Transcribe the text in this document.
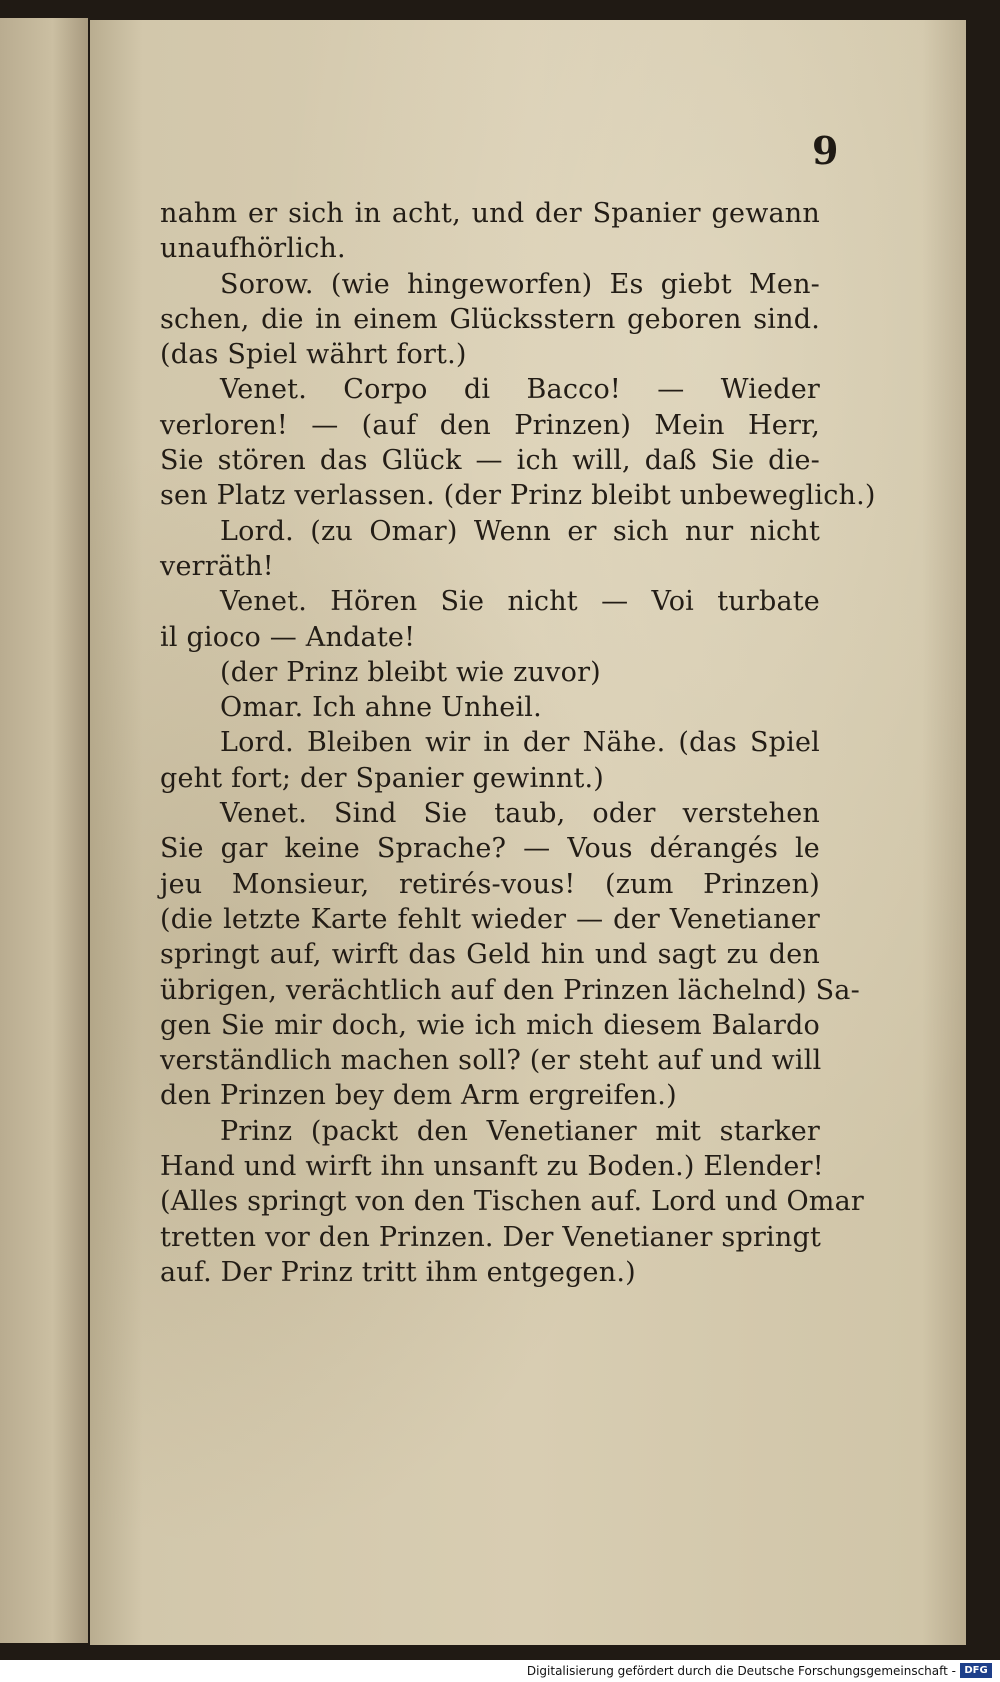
9
nahm er sich in acht, und der Spanier gewann
unaufhörlich.
Sorow. (wie hingeworfen) Es giebt Men-
schen, die in einem Glücksstern geboren sind.
(das Spiel währt fort.)
Venet. Corpo di Bacco! — Wieder
verloren! — (auf den Prinzen) Mein Herr,
Sie stören das Glück — ich will, daß Sie die-
sen Platz verlassen. (der Prinz bleibt unbeweglich.)
Lord. (zu Omar) Wenn er sich nur nicht
verräth!
Venet. Hören Sie nicht — Voi turbate
il gioco — Andate!
(der Prinz bleibt wie zuvor)
Omar. Ich ahne Unheil.
Lord. Bleiben wir in der Nähe. (das Spiel
geht fort; der Spanier gewinnt.)
Venet. Sind Sie taub, oder verstehen
Sie gar keine Sprache? — Vous dérangés le
jeu Monsieur, retirés-vous! (zum Prinzen)
(die letzte Karte fehlt wieder — der Venetianer
springt auf, wirft das Geld hin und sagt zu den
übrigen, verächtlich auf den Prinzen lächelnd) Sa-
gen Sie mir doch, wie ich mich diesem Balardo
verständlich machen soll? (er steht auf und will
den Prinzen bey dem Arm ergreifen.)
Prinz (packt den Venetianer mit starker
Hand und wirft ihn unsanft zu Boden.) Elender!
(Alles springt von den Tischen auf. Lord und Omar
tretten vor den Prinzen. Der Venetianer springt
auf. Der Prinz tritt ihm entgegen.)
Digitalisierung gefördert durch die Deutsche Forschungsgemeinschaft - DFG
